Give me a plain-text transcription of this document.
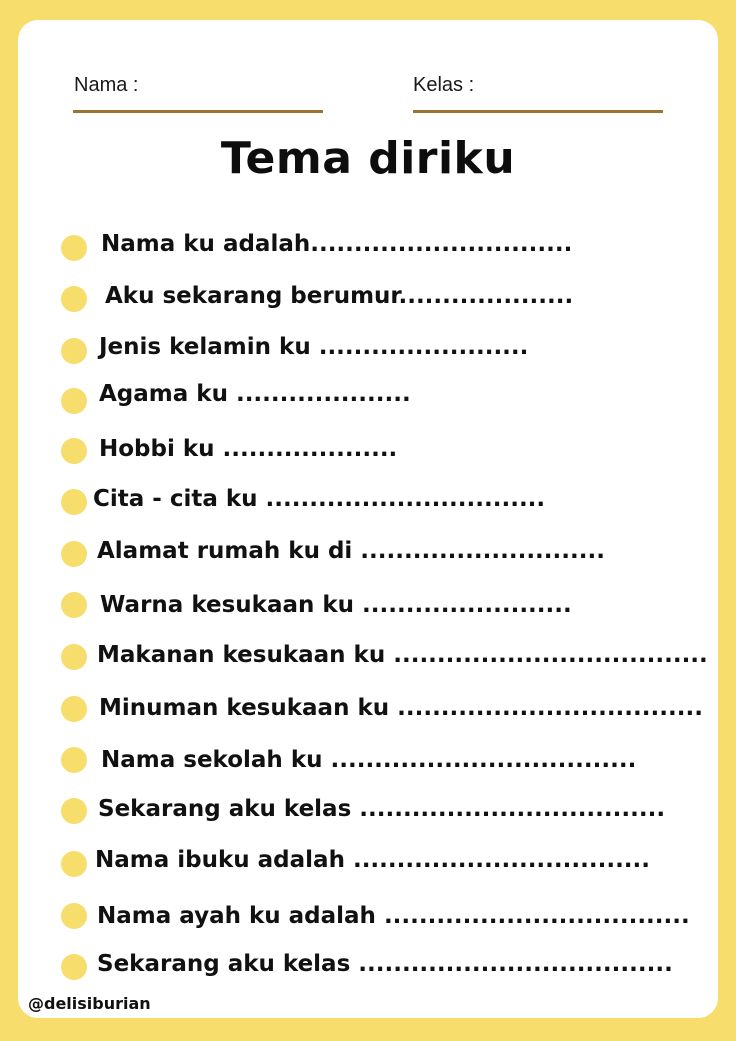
Nama :	Kelas :
Tema diriku
Nama ku adalah..............................
Aku sekarang berumur....................
Jenis kelamin ku ........................
Agama ku ....................
Hobbi ku ....................
Cita - cita ku ................................
Alamat rumah ku di ............................
Warna kesukaan ku ........................
Makanan kesukaan ku ....................................
Minuman kesukaan ku ...................................
Nama sekolah ku ...................................
Sekarang aku kelas ...................................
Nama ibuku adalah ..................................
Nama ayah ku adalah ...................................
Sekarang aku kelas ....................................
@delisiburian
